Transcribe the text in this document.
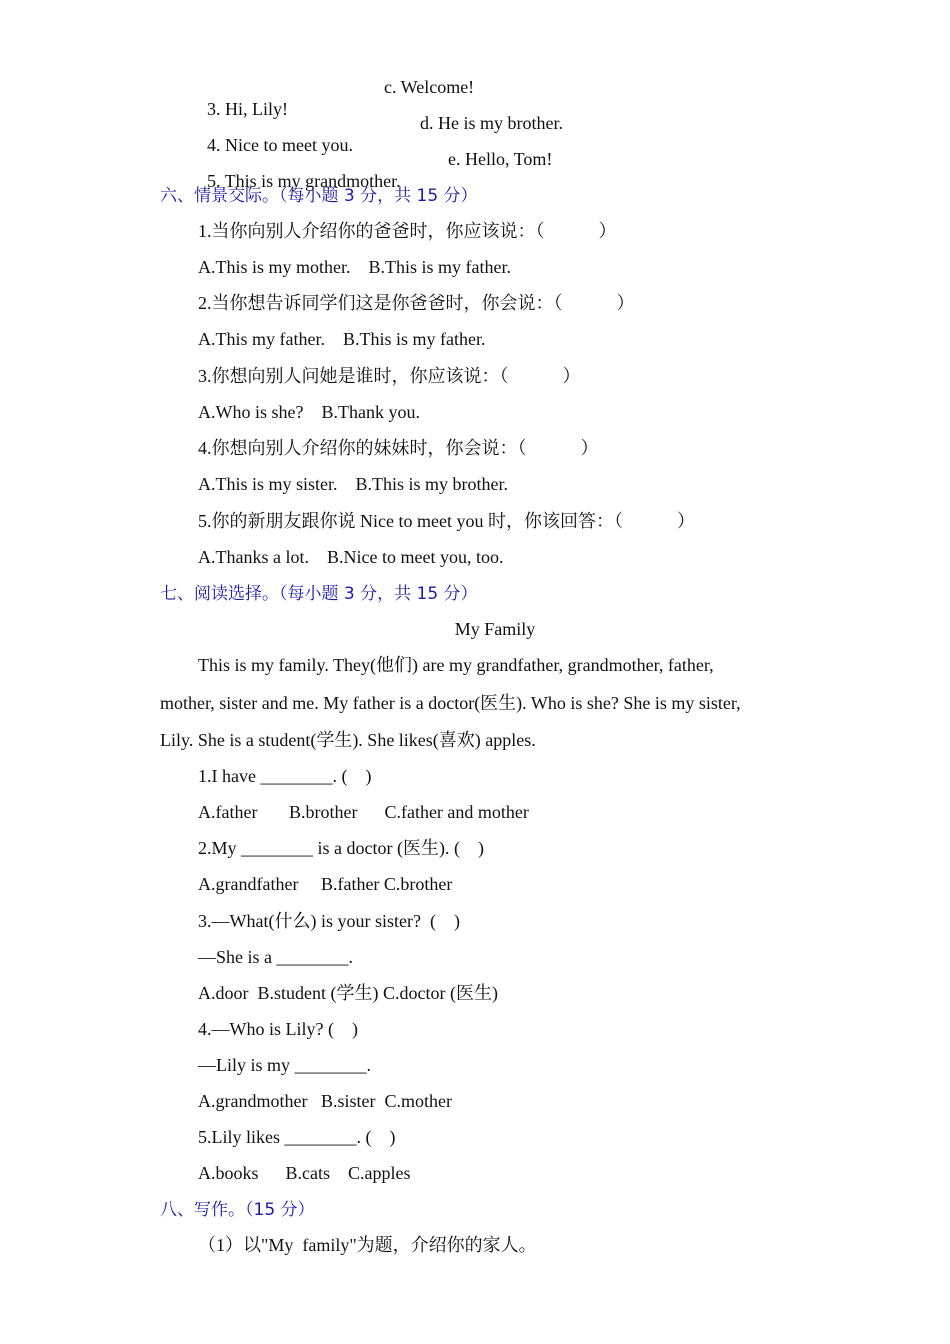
3. Hi, Lily!

c. Welcome!

4. Nice to meet you.

d. He is my brother.

5. This is my grandmother.

e. Hello, Tom!

六、情景交际。（每小题 3 分，共 15 分）
1.当你向别人介绍你的爸爸时，你应该说：（　　　）
A.This is my mother.    B.This is my father.
2.当你想告诉同学们这是你爸爸时，你会说：（　　　）
A.This my father.    B.This is my father.
3.你想向别人问她是谁时，你应该说：（　　　）
A.Who is she?    B.Thank you.
4.你想向别人介绍你的妹妹时，你会说：（　　　）
A.This is my sister.    B.This is my brother.
5.你的新朋友跟你说 Nice to meet you 时，你该回答：（　　　）
A.Thanks a lot.    B.Nice to meet you, too.
七、阅读选择。（每小题 3 分，共 15 分）
My Family
This is my family. They(他们) are my grandfather, grandmother, father,
mother, sister and me. My father is a doctor(医生). Who is she? She is my sister,
Lily. She is a student(学生). She likes(喜欢) apples.
1.I have ________. (　)
A.father       B.brother      C.father and mother
2.My ________ is a doctor (医生). (　)
A.grandfather     B.father C.brother
3.—What(什么) is your sister?  (　)
—She is a ________.
A.door  B.student (学生) C.doctor (医生)
4.—Who is Lily? (　)
—Lily is my ________.
A.grandmother   B.sister  C.mother
5.Lily likes ________. (　)
A.books      B.cats    C.apples
八、写作。（15 分）
（1）以"My  family"为题，介绍你的家人。
